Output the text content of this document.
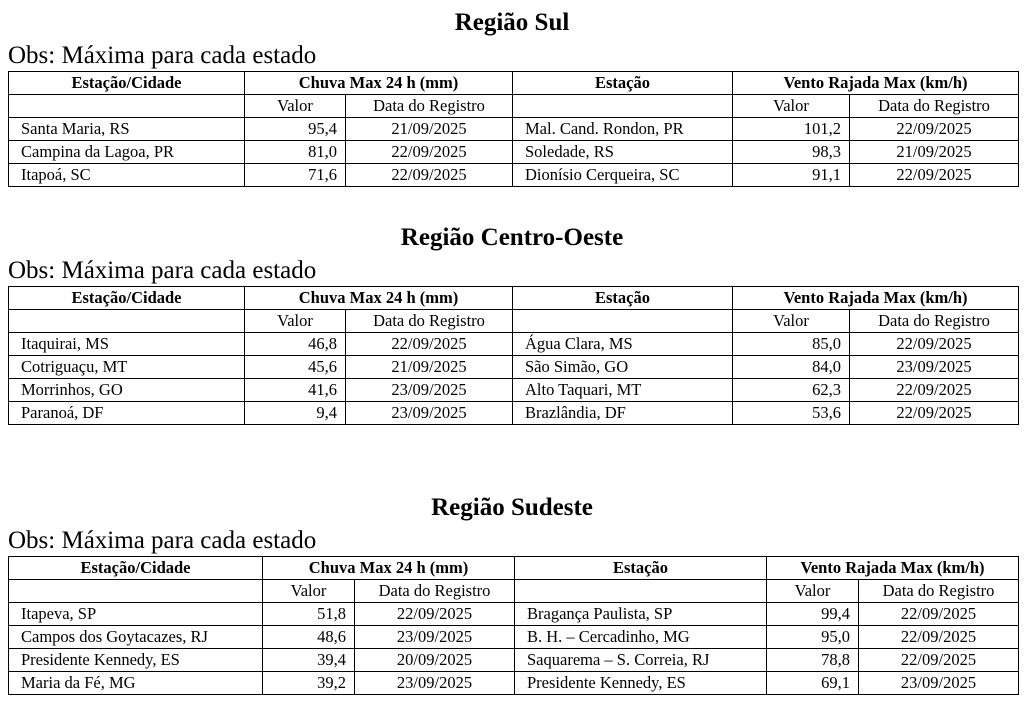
Região Sul
Obs: Máxima para cada estado
Estação/Cidade	Chuva Max 24 h (mm)		Estação	Vento Rajada Max (km/h)	
	Valor	Data do Registro		Valor	Data do Registro
Santa Maria, RS	95,4	21/09/2025	Mal. Cand. Rondon, PR	101,2	22/09/2025
Campina da Lagoa, PR	81,0	22/09/2025	Soledade, RS	98,3	21/09/2025
Itapoá, SC	71,6	22/09/2025	Dionísio Cerqueira, SC	91,1	22/09/2025
Região Centro-Oeste
Obs: Máxima para cada estado
Estação/Cidade	Chuva Max 24 h (mm)		Estação	Vento Rajada Max (km/h)	
	Valor	Data do Registro		Valor	Data do Registro
Itaquirai, MS	46,8	22/09/2025	Água Clara, MS	85,0	22/09/2025
Cotriguaçu, MT	45,6	21/09/2025	São Simão, GO	84,0	23/09/2025
Morrinhos, GO	41,6	23/09/2025	Alto Taquari, MT	62,3	22/09/2025
Paranoá, DF	9,4	23/09/2025	Brazlândia, DF	53,6	22/09/2025
Região Sudeste
Obs: Máxima para cada estado
Estação/Cidade	Chuva Max 24 h (mm)		Estação	Vento Rajada Max (km/h)	
	Valor	Data do Registro		Valor	Data do Registro
Itapeva, SP	51,8	22/09/2025	Bragança Paulista, SP	99,4	22/09/2025
Campos dos Goytacazes, RJ	48,6	23/09/2025	B. H. – Cercadinho, MG	95,0	22/09/2025
Presidente Kennedy, ES	39,4	20/09/2025	Saquarema – S. Correia, RJ	78,8	22/09/2025
Maria da Fé, MG	39,2	23/09/2025	Presidente Kennedy, ES	69,1	23/09/2025
